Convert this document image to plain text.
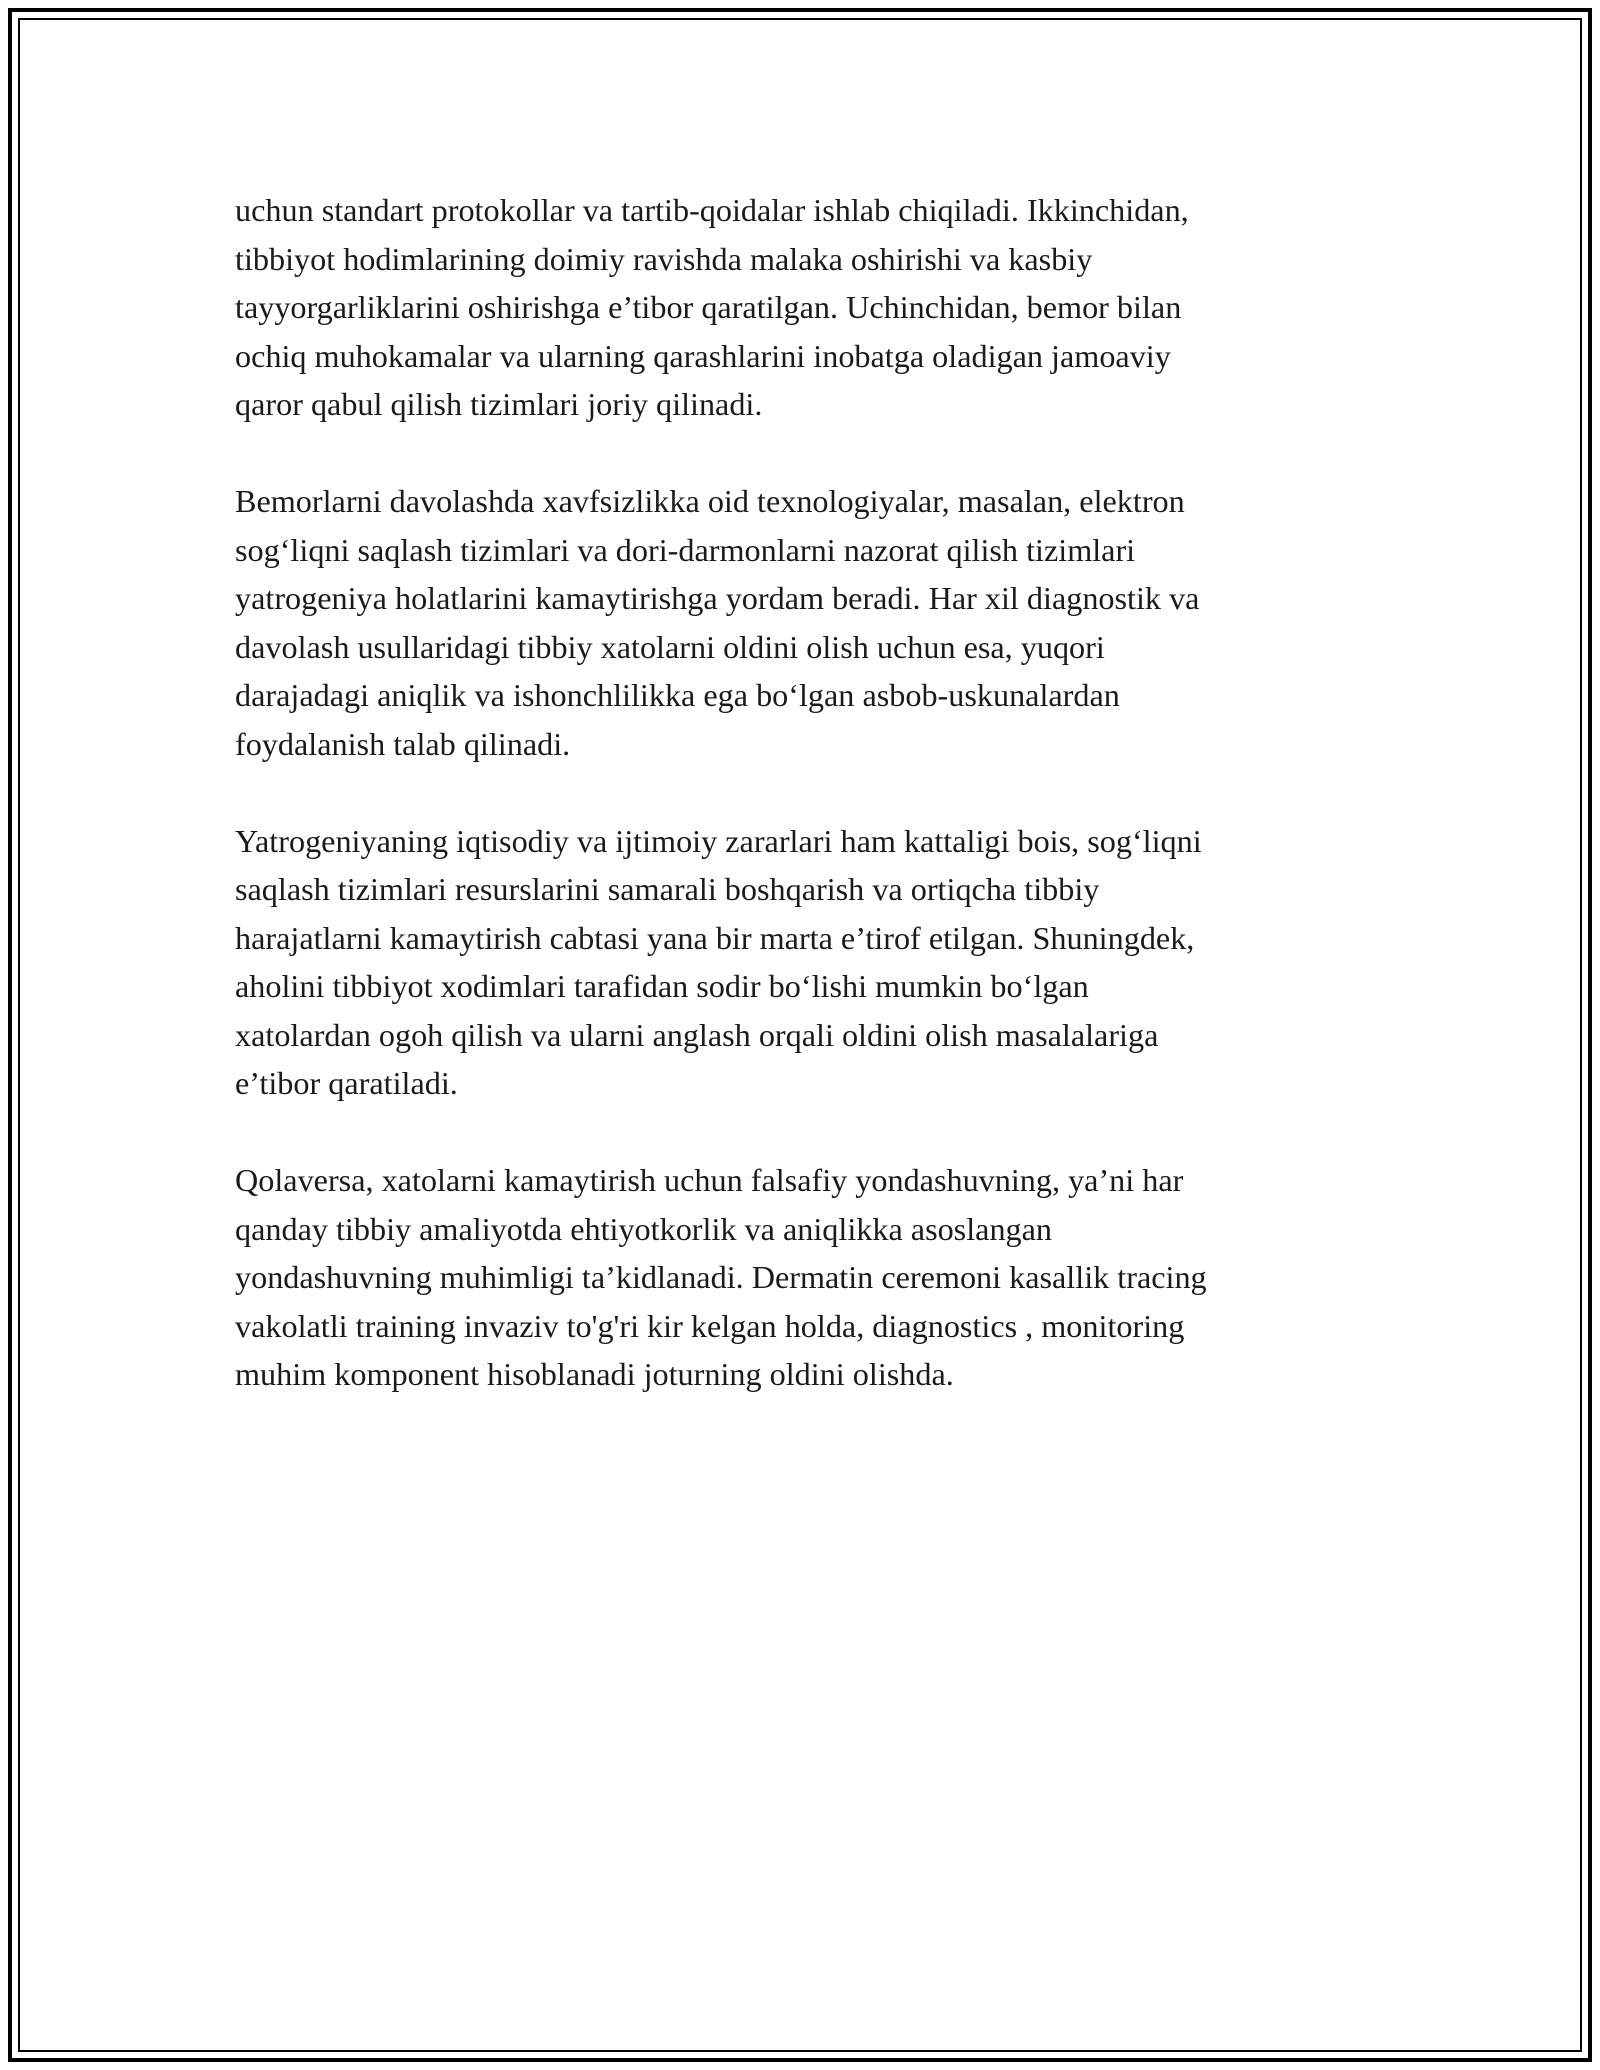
uchun standart protokollar va tartib-qoidalar ishlab chiqiladi. Ikkinchidan,
tibbiyot hodimlarining doimiy ravishda malaka oshirishi va kasbiy
tayyorgarliklarini oshirishga e’tibor qaratilgan. Uchinchidan, bemor bilan
ochiq muhokamalar va ularning qarashlarini inobatga oladigan jamoaviy
qaror qabul qilish tizimlari joriy qilinadi.

Bemorlarni davolashda xavfsizlikka oid texnologiyalar, masalan, elektron
sog‘liqni saqlash tizimlari va dori-darmonlarni nazorat qilish tizimlari
yatrogeniya holatlarini kamaytirishga yordam beradi. Har xil diagnostik va
davolash usullaridagi tibbiy xatolarni oldini olish uchun esa, yuqori
darajadagi aniqlik va ishonchlilikka ega bo‘lgan asbob-uskunalardan
foydalanish talab qilinadi.

Yatrogeniyaning iqtisodiy va ijtimoiy zararlari ham kattaligi bois, sog‘liqni
saqlash tizimlari resurslarini samarali boshqarish va ortiqcha tibbiy
harajatlarni kamaytirish cabtasi yana bir marta e’tirof etilgan. Shuningdek,
aholini tibbiyot xodimlari tarafidan sodir bo‘lishi mumkin bo‘lgan
xatolardan ogoh qilish va ularni anglash orqali oldini olish masalalariga
e’tibor qaratiladi.

Qolaversa, xatolarni kamaytirish uchun falsafiy yondashuvning, ya’ni har
qanday tibbiy amaliyotda ehtiyotkorlik va aniqlikka asoslangan
yondashuvning muhimligi ta’kidlanadi. Dermatin ceremoni kasallik tracing
vakolatli training invaziv to'g'ri kir kelgan holda, diagnostics , monitoring
muhim komponent hisoblanadi joturning oldini olishda.
